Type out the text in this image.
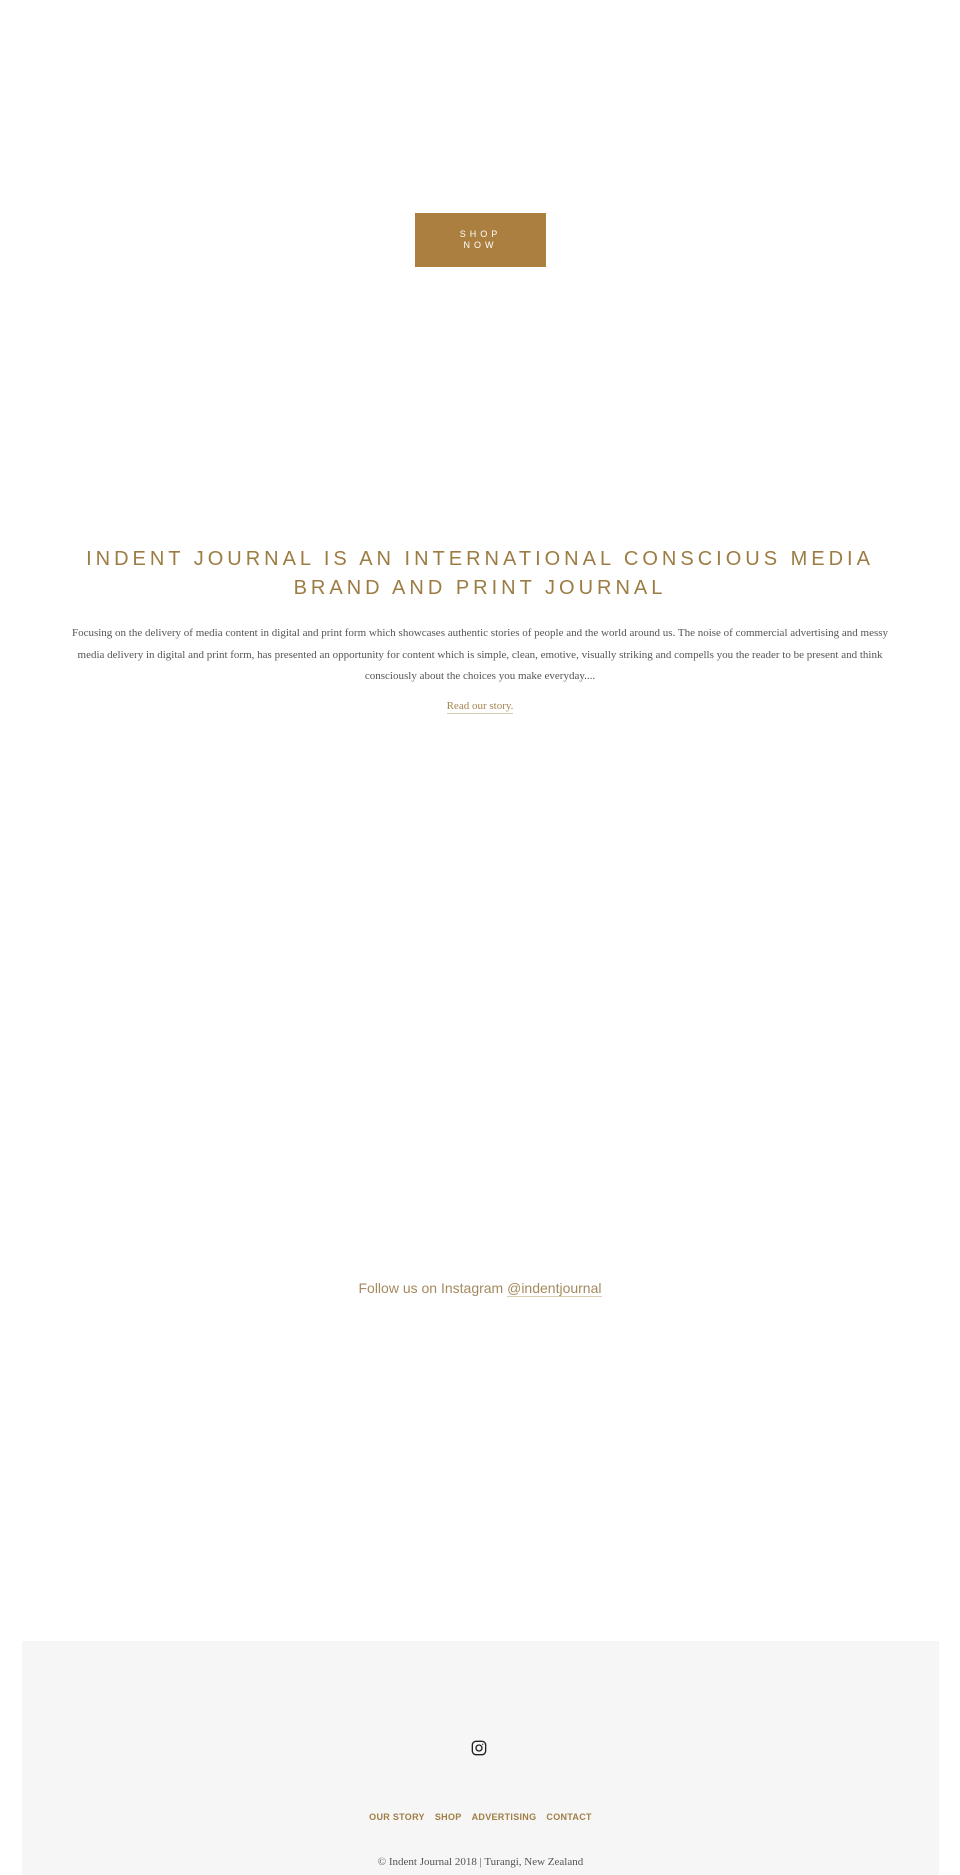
SHOP NOW
INDENT JOURNAL IS AN INTERNATIONAL CONSCIOUS MEDIA BRAND AND PRINT JOURNAL

Focusing on the delivery of media content in digital and print form which showcases authentic stories of people and the world around us. The noise of commercial advertising and messy media delivery in digital and print form, has presented an opportunity for content which is simple, clean, emotive, visually striking and compells you the reader to be present and think consciously about the choices you make everyday....

Read our story.
Follow us on Instagram @indentjournal
OUR STORY SHOP ADVERTISING CONTACT

© Indent Journal 2018 | Turangi, New Zealand
